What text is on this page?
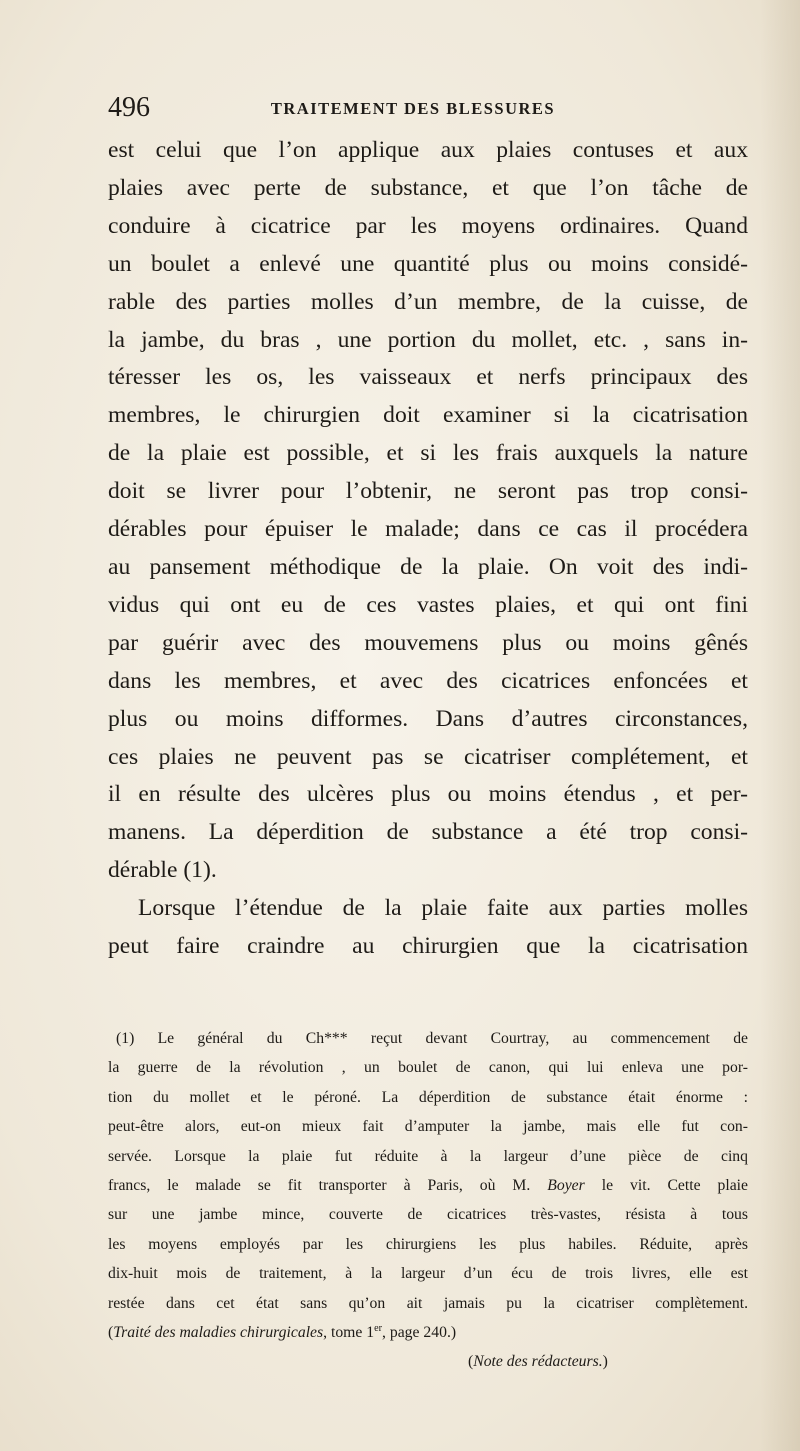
496	TRAITEMENT DES BLESSURES
est celui que l’on applique aux plaies contuses et aux
plaies avec perte de substance, et que l’on tâche de
conduire à cicatrice par les moyens ordinaires. Quand
un boulet a enlevé une quantité plus ou moins considé-
rable des parties molles d’un membre, de la cuisse, de
la jambe, du bras , une portion du mollet, etc. , sans in-
téresser les os, les vaisseaux et nerfs principaux des
membres, le chirurgien doit examiner si la cicatrisation
de la plaie est possible, et si les frais auxquels la nature
doit se livrer pour l’obtenir, ne seront pas trop consi-
dérables pour épuiser le malade; dans ce cas il procédera
au pansement méthodique de la plaie. On voit des indi-
vidus qui ont eu de ces vastes plaies, et qui ont fini
par guérir avec des mouvemens plus ou moins gênés
dans les membres, et avec des cicatrices enfoncées et
plus ou moins difformes. Dans d’autres circonstances,
ces plaies ne peuvent pas se cicatriser complétement, et
il en résulte des ulcères plus ou moins étendus , et per-
manens. La déperdition de substance a été trop consi-
dérable (1).
Lorsque l’étendue de la plaie faite aux parties molles
peut faire craindre au chirurgien que la cicatrisation
(1) Le général du Ch*** reçut devant Courtray, au commencement de
la guerre de la révolution , un boulet de canon, qui lui enleva une por-
tion du mollet et le péroné. La déperdition de substance était énorme :
peut-être alors, eut-on mieux fait d’amputer la jambe, mais elle fut con-
servée. Lorsque la plaie fut réduite à la largeur d’une pièce de cinq
francs, le malade se fit transporter à Paris, où M. Boyer le vit. Cette plaie
sur une jambe mince, couverte de cicatrices très-vastes, résista à tous
les moyens employés par les chirurgiens les plus habiles. Réduite, après
dix-huit mois de traitement, à la largeur d’un écu de trois livres, elle est
restée dans cet état sans qu’on ait jamais pu la cicatriser complètement.
(Traité des maladies chirurgicales, tome 1er, page 240.)
(Note des rédacteurs.)
